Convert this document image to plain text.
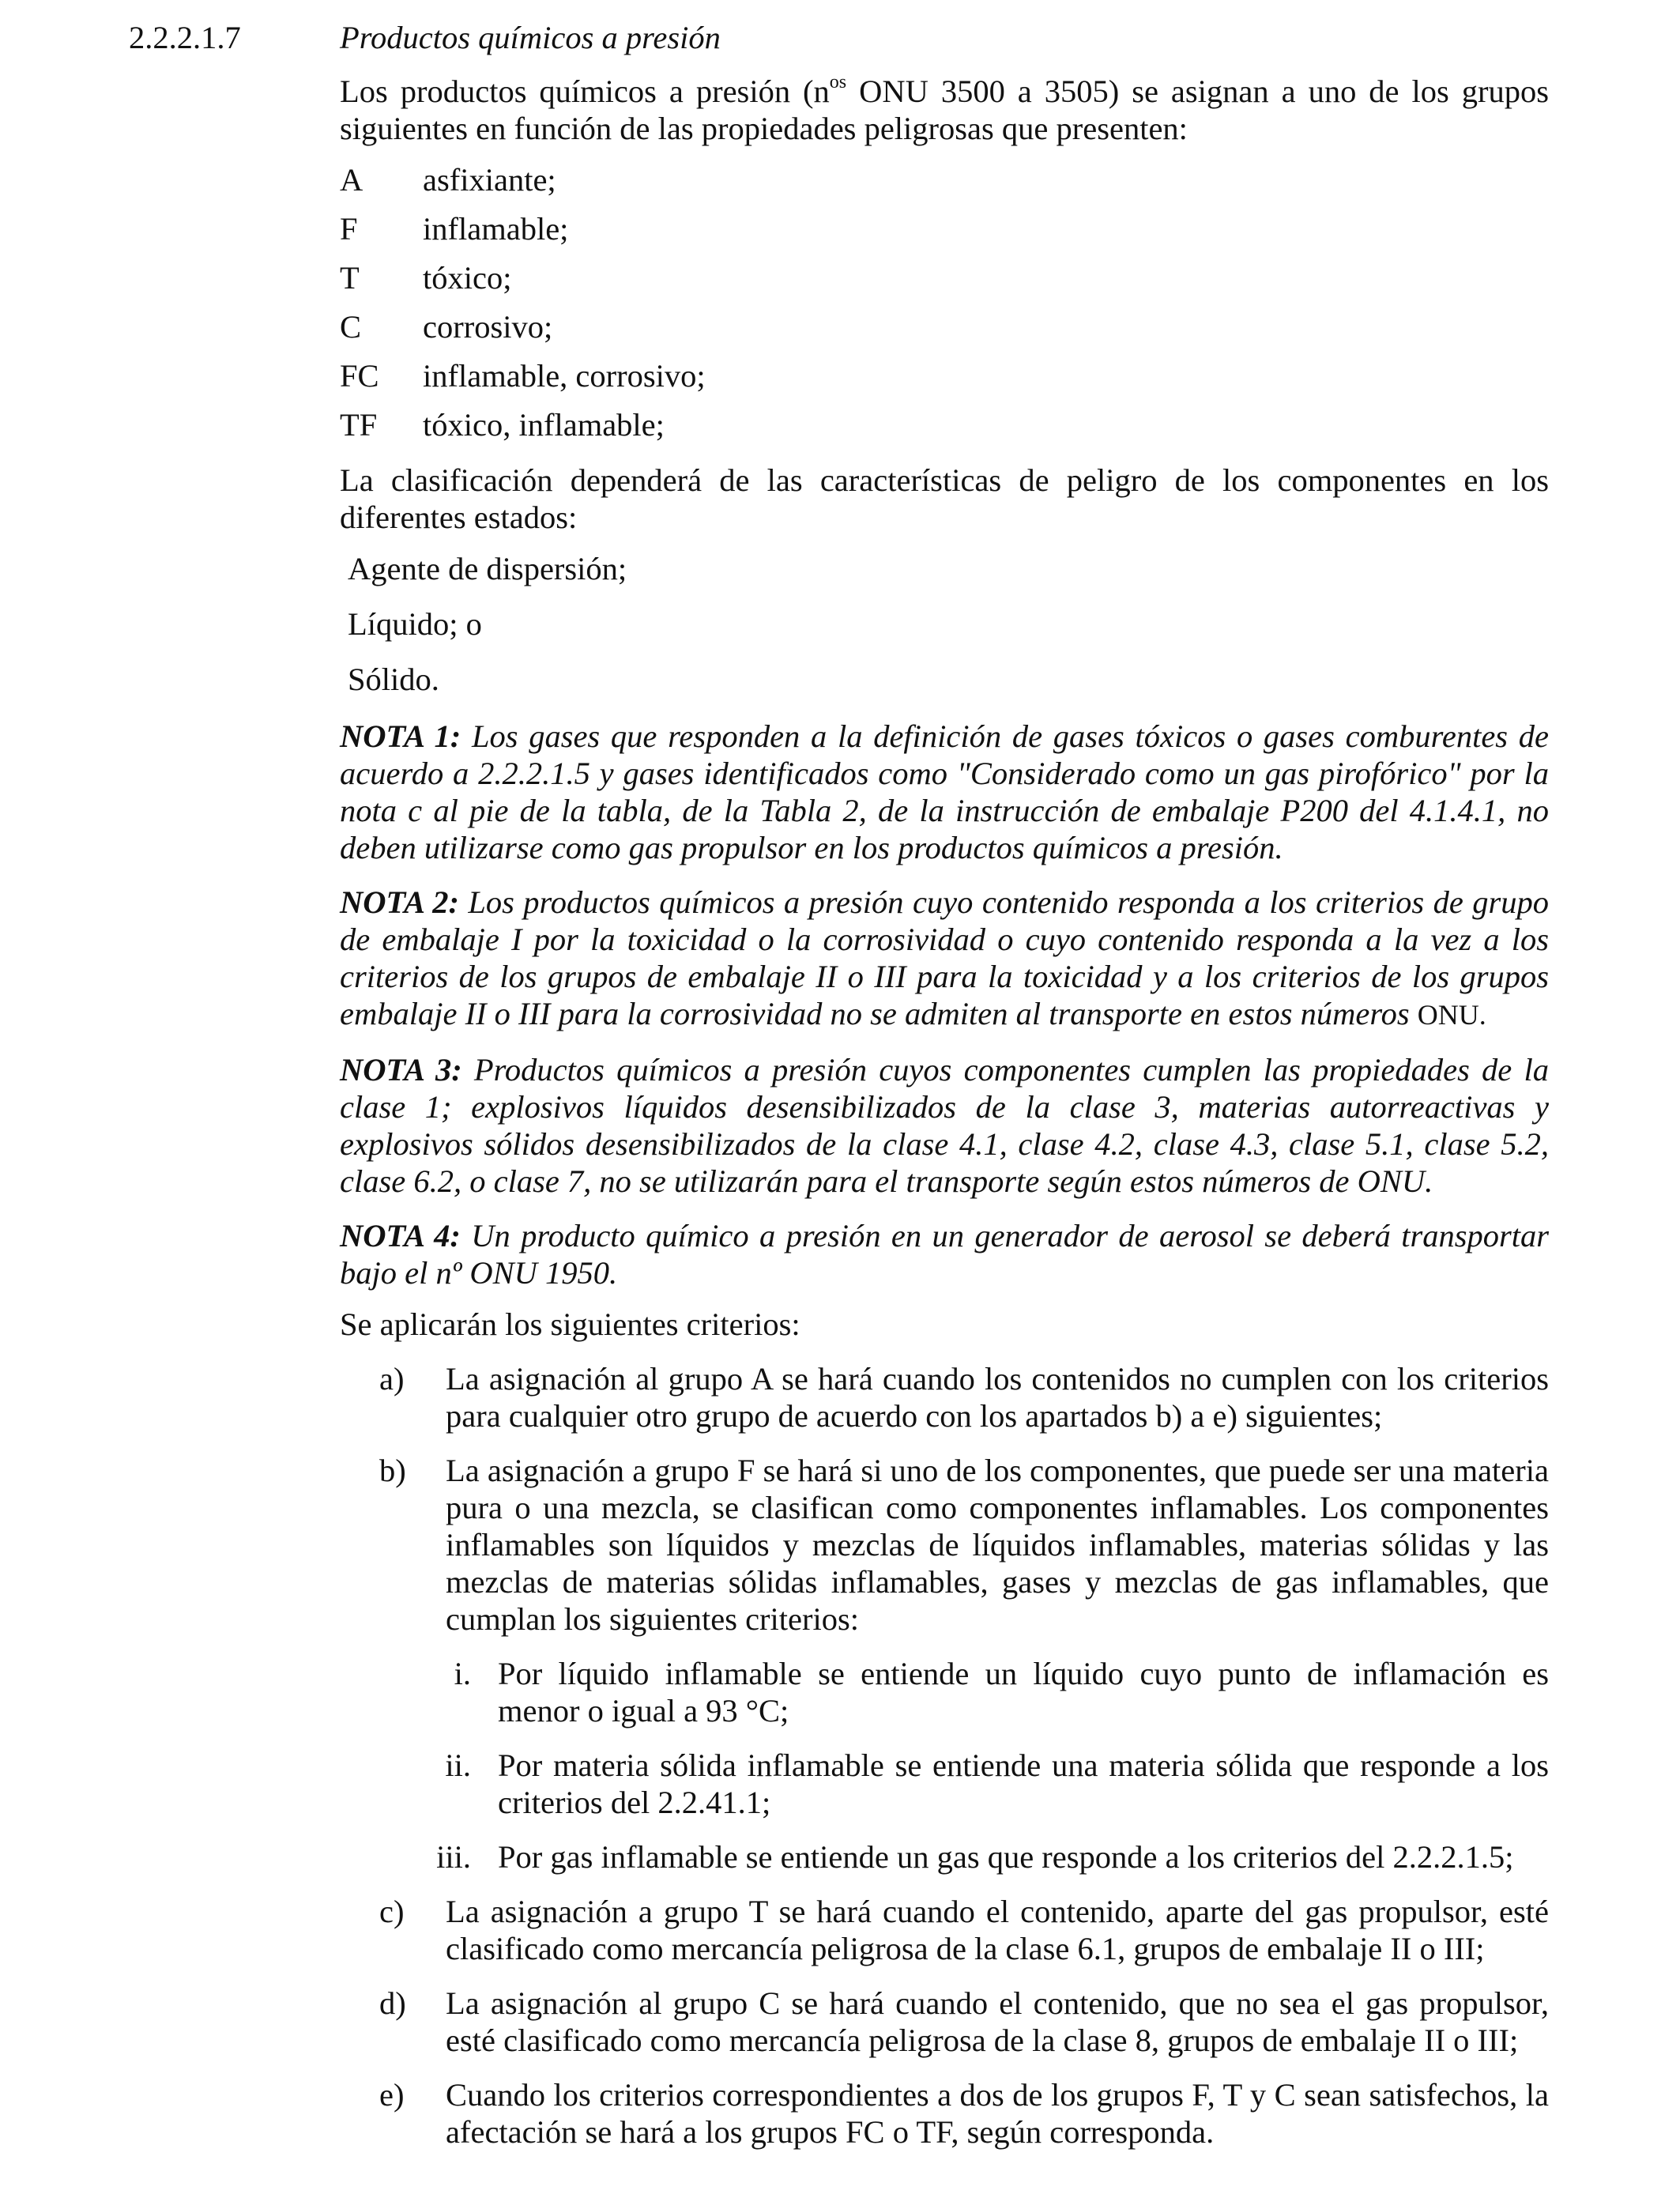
2.2.2.1.7	Productos químicos a presión

Los productos químicos a presión ($n^{os}$ ONU 3500 a 3505) se asignan a uno de los grupos siguientes en función de las propiedades peligrosas que presenten:

A	asfixiante;
F	inflamable;
T	tóxico;
C	corrosivo;
FC	inflamable, corrosivo;
TF	tóxico, inflamable;

La clasificación dependerá de las características de peligro de los componentes en los diferentes estados:

Agente de dispersión;

Líquido; o

Sólido.

NOTA 1: Los gases que responden a la definición de gases tóxicos o gases comburentes de acuerdo a 2.2.2.1.5 y gases identificados como "Considerado como un gas pirofórico" por la nota c al pie de la tabla, de la Tabla 2, de la instrucción de embalaje P200 del 4.1.4.1, no deben utilizarse como gas propulsor en los productos químicos a presión.

NOTA 2: Los productos químicos a presión cuyo contenido responda a los criterios de grupo de embalaje I por la toxicidad o la corrosividad o cuyo contenido responda a la vez a los criterios de los grupos de embalaje II o III para la toxicidad y a los criterios de los grupos embalaje II o III para la corrosividad no se admiten al transporte en estos números ONU.

NOTA 3: Productos químicos a presión cuyos componentes cumplen las propiedades de la clase 1; explosivos líquidos desensibilizados de la clase 3, materias autorreactivas y explosivos sólidos desensibilizados de la clase 4.1, clase 4.2, clase 4.3, clase 5.1, clase 5.2, clase 6.2, o clase 7, no se utilizarán para el transporte según estos números de ONU.

NOTA 4: Un producto químico a presión en un generador de aerosol se deberá transportar bajo el nº ONU 1950.

Se aplicarán los siguientes criterios:

a)	La asignación al grupo A se hará cuando los contenidos no cumplen con los criterios para cualquier otro grupo de acuerdo con los apartados b) a e) siguientes;
b)	La asignación a grupo F se hará si uno de los componentes, que puede ser una materia pura o una mezcla, se clasifican como componentes inflamables. Los componentes inflamables son líquidos y mezclas de líquidos inflamables, materias sólidas y las mezclas de materias sólidas inflamables, gases y mezclas de gas inflamables, que cumplan los siguientes criterios:
i. Por líquido inflamable se entiende un líquido cuyo punto de inflamación es menor o igual a 93 °C;
ii. Por materia sólida inflamable se entiende una materia sólida que responde a los criterios del 2.2.41.1;
iii. Por gas inflamable se entiende un gas que responde a los criterios del 2.2.2.1.5;
c)	La asignación a grupo T se hará cuando el contenido, aparte del gas propulsor, esté clasificado como mercancía peligrosa de la clase 6.1, grupos de embalaje II o III;
d)	La asignación al grupo C se hará cuando el contenido, que no sea el gas propulsor, esté clasificado como mercancía peligrosa de la clase 8, grupos de embalaje II o III;
e)	Cuando los criterios correspondientes a dos de los grupos F, T y C sean satisfechos, la afectación se hará a los grupos FC o TF, según corresponda.
